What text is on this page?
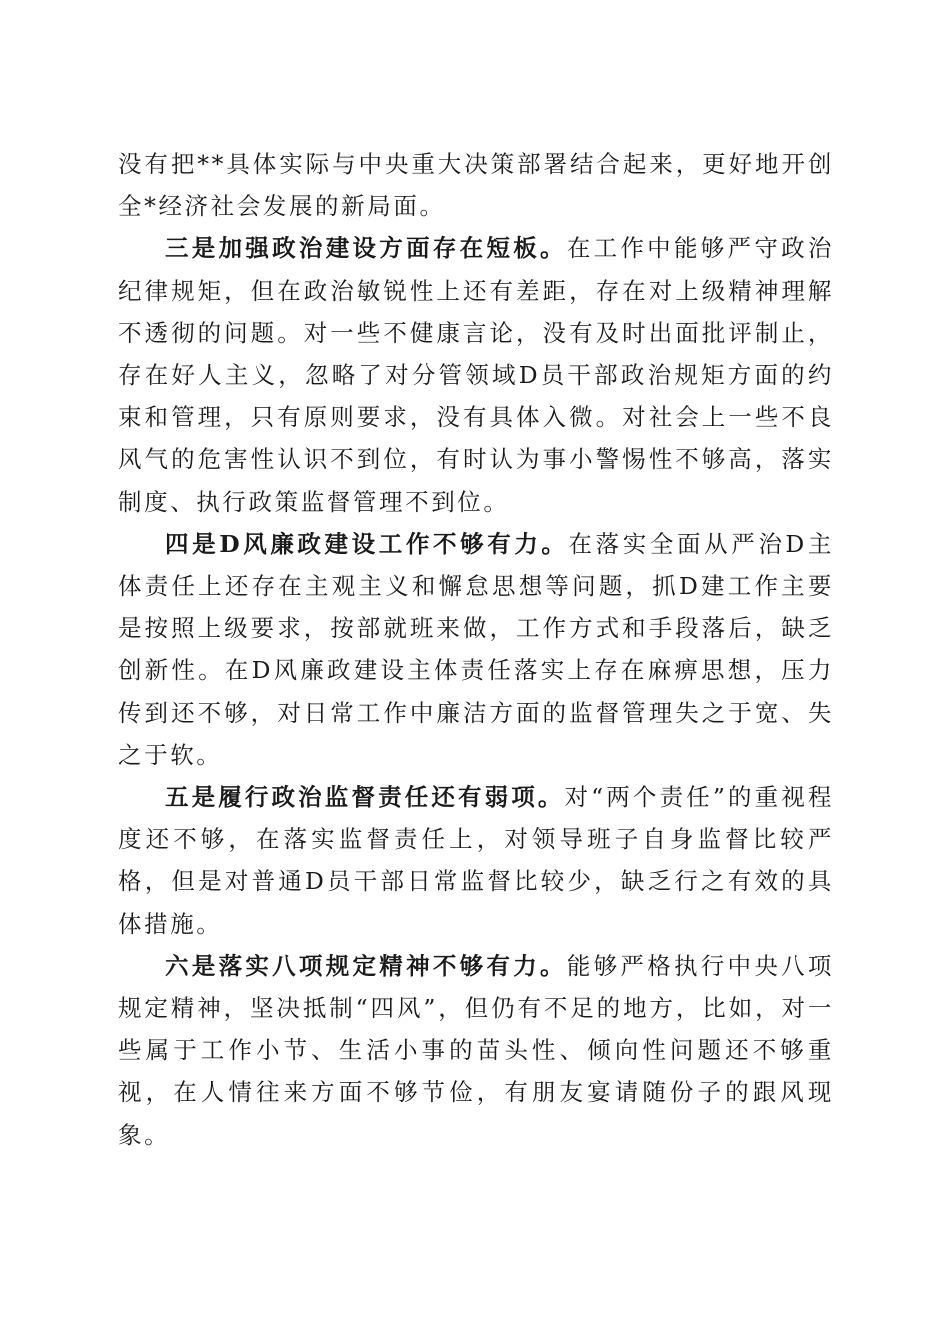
没有把**具体实际与中央重大决策部署结合起来，更好地开创全*经济社会发展的新局面。

三是加强政治建设方面存在短板。在工作中能够严守政治纪律规矩，但在政治敏锐性上还有差距，存在对上级精神理解不透彻的问题。对一些不健康言论，没有及时出面批评制止，存在好人主义，忽略了对分管领域D员干部政治规矩方面的约束和管理，只有原则要求，没有具体入微。对社会上一些不良风气的危害性认识不到位，有时认为事小警惕性不够高，落实制度、执行政策监督管理不到位。

四是D风廉政建设工作不够有力。在落实全面从严治D主体责任上还存在主观主义和懈怠思想等问题，抓D建工作主要是按照上级要求，按部就班来做，工作方式和手段落后，缺乏创新性。在D风廉政建设主体责任落实上存在麻痹思想，压力传到还不够，对日常工作中廉洁方面的监督管理失之于宽、失之于软。

五是履行政治监督责任还有弱项。对“两个责任”的重视程度还不够，在落实监督责任上，对领导班子自身监督比较严格，但是对普通D员干部日常监督比较少，缺乏行之有效的具体措施。

六是落实八项规定精神不够有力。能够严格执行中央八项规定精神，坚决抵制“四风”，但仍有不足的地方，比如，对一些属于工作小节、生活小事的苗头性、倾向性问题还不够重视，在人情往来方面不够节俭，有朋友宴请随份子的跟风现象。
